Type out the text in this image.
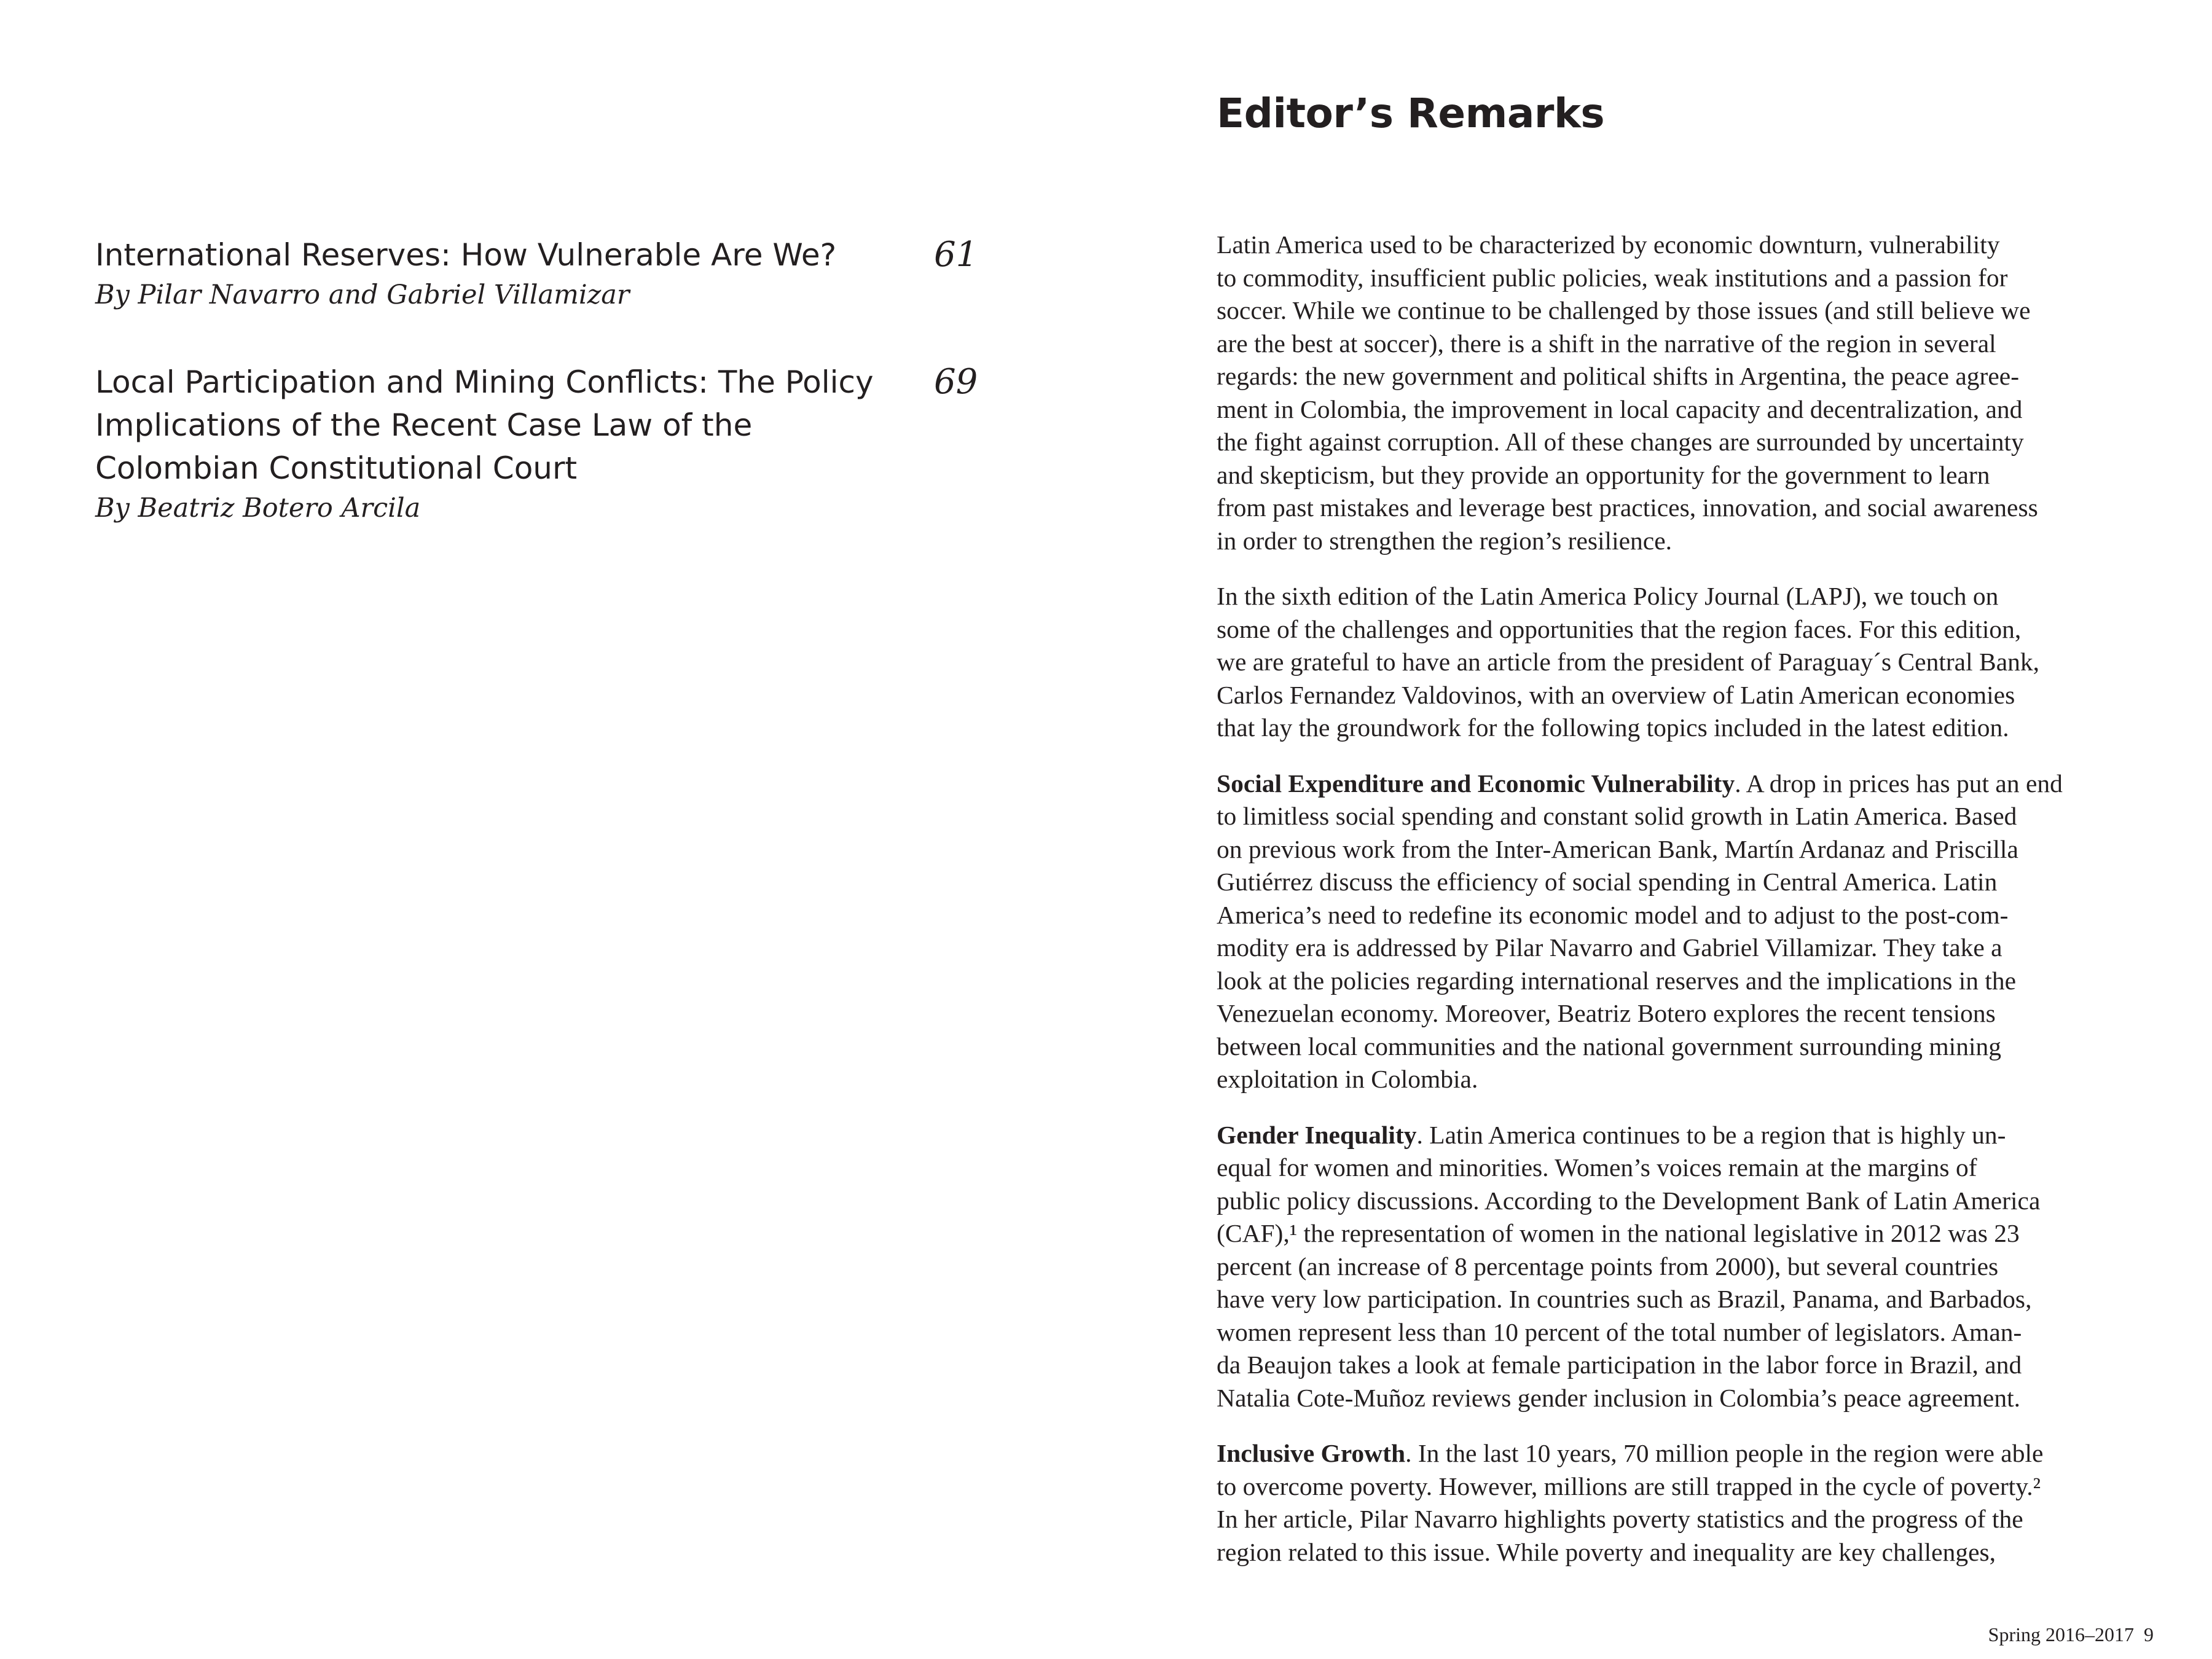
International Reserves: How Vulnerable Are We?

By Pilar Navarro and Gabriel Villamizar

61

Local Participation and Mining Conflicts: The Policy Implications of the Recent Case Law of the Colombian Constitutional Court

By Beatriz Botero Arcila

69
Editor’s Remarks

Latin America used to be characterized by economic downturn, vulnerability
to commodity, insufficient public policies, weak institutions and a passion for
soccer. While we continue to be challenged by those issues (and still believe we
are the best at soccer), there is a shift in the narrative of the region in several
regards: the new government and political shifts in Argentina, the peace agree-
ment in Colombia, the improvement in local capacity and decentralization, and
the fight against corruption. All of these changes are surrounded by uncertainty
and skepticism, but they provide an opportunity for the government to learn
from past mistakes and leverage best practices, innovation, and social awareness
in order to strengthen the region’s resilience.

In the sixth edition of the Latin America Policy Journal (LAPJ), we touch on
some of the challenges and opportunities that the region faces. For this edition,
we are grateful to have an article from the president of Paraguay´s Central Bank,
Carlos Fernandez Valdovinos, with an overview of Latin American economies
that lay the groundwork for the following topics included in the latest edition.

Social Expenditure and Economic Vulnerability. A drop in prices has put an end
to limitless social spending and constant solid growth in Latin America. Based
on previous work from the Inter-American Bank, Martín Ardanaz and Priscilla
Gutiérrez discuss the efficiency of social spending in Central America. Latin
America’s need to redefine its economic model and to adjust to the post-com-
modity era is addressed by Pilar Navarro and Gabriel Villamizar. They take a
look at the policies regarding international reserves and the implications in the
Venezuelan economy. Moreover, Beatriz Botero explores the recent tensions
between local communities and the national government surrounding mining
exploitation in Colombia.

Gender Inequality. Latin America continues to be a region that is highly un-
equal for women and minorities. Women’s voices remain at the margins of
public policy discussions. According to the Development Bank of Latin America
(CAF),¹ the representation of women in the national legislative in 2012 was 23
percent (an increase of 8 percentage points from 2000), but several countries
have very low participation. In countries such as Brazil, Panama, and Barbados,
women represent less than 10 percent of the total number of legislators. Aman-
da Beaujon takes a look at female participation in the labor force in Brazil, and
Natalia Cote-Muñoz reviews gender inclusion in Colombia’s peace agreement.

Inclusive Growth. In the last 10 years, 70 million people in the region were able
to overcome poverty. However, millions are still trapped in the cycle of poverty.²
In her article, Pilar Navarro highlights poverty statistics and the progress of the
region related to this issue. While poverty and inequality are key challenges,

Spring 2016–2017 9
